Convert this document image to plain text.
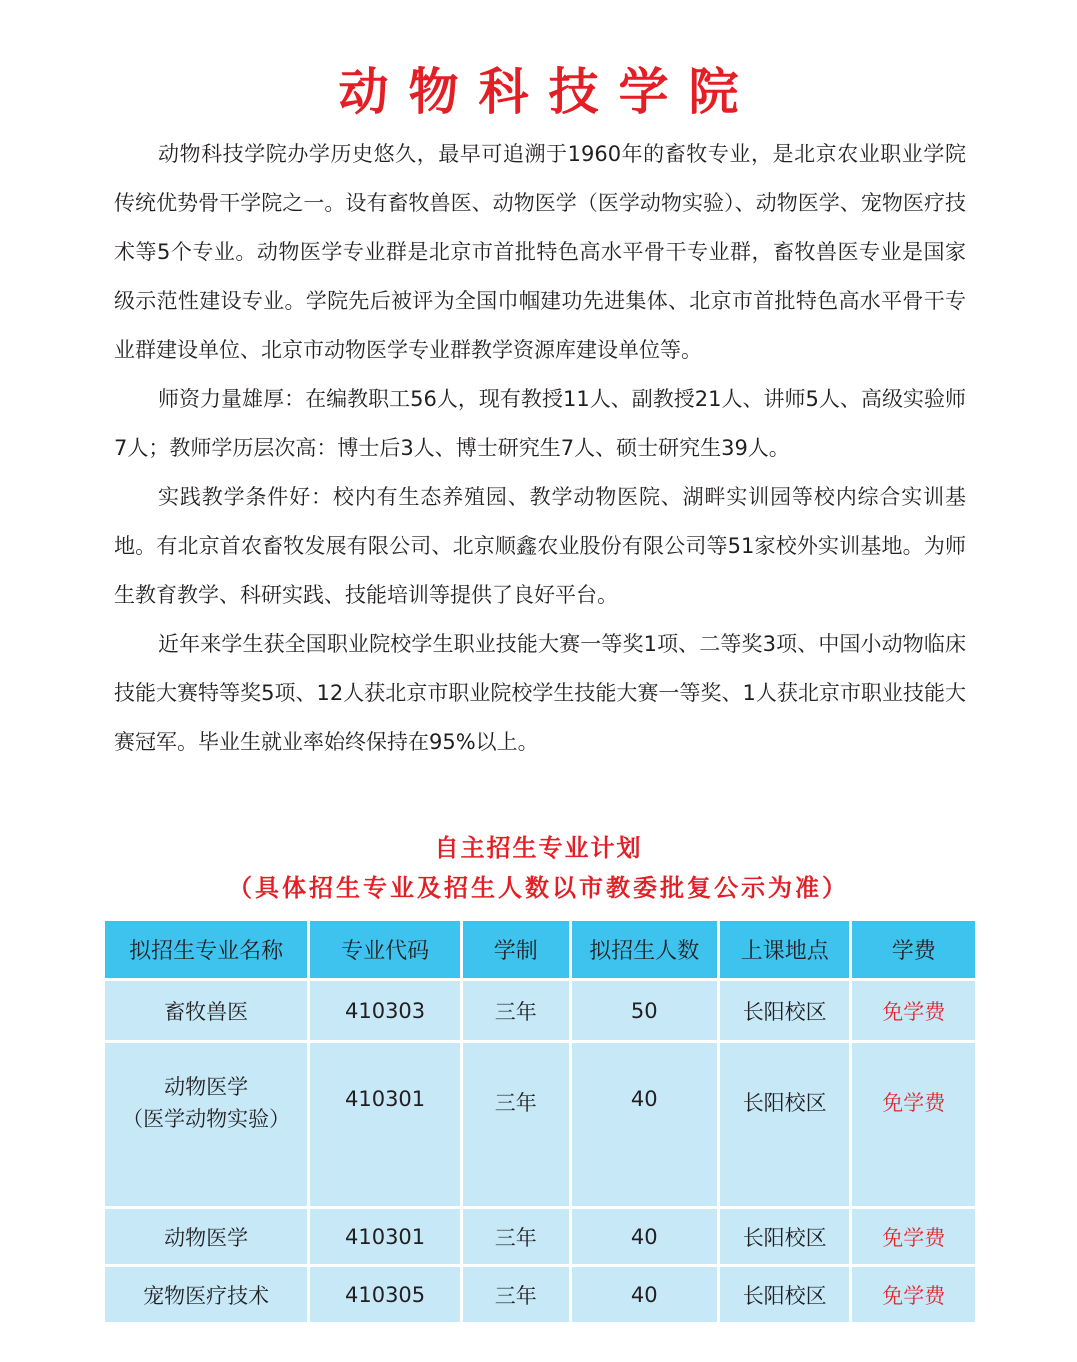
动物科技学院

动物科技学院办学历史悠久，最早可追溯于1960年的畜牧专业，是北京农业职业学院传统优势骨干学院之一。设有畜牧兽医、动物医学（医学动物实验）、动物医学、宠物医疗技术等5个专业。动物医学专业群是北京市首批特色高水平骨干专业群，畜牧兽医专业是国家级示范性建设专业。学院先后被评为全国巾帼建功先进集体、北京市首批特色高水平骨干专业群建设单位、北京市动物医学专业群教学资源库建设单位等。

师资力量雄厚：在编教职工56人，现有教授11人、副教授21人、讲师5人、高级实验师7人；教师学历层次高：博士后3人、博士研究生7人、硕士研究生39人。

实践教学条件好：校内有生态养殖园、教学动物医院、湖畔实训园等校内综合实训基地。有北京首农畜牧发展有限公司、北京顺鑫农业股份有限公司等51家校外实训基地。为师生教育教学、科研实践、技能培训等提供了良好平台。

近年来学生获全国职业院校学生职业技能大赛一等奖1项、二等奖3项、中国小动物临床技能大赛特等奖5项、12人获北京市职业院校学生技能大赛一等奖、1人获北京市职业技能大赛冠军。毕业生就业率始终保持在95%以上。

自主招生专业计划
（具体招生专业及招生人数以市教委批复公示为准）
拟招生专业名称	专业代码	学制	拟招生人数	上课地点	学费
畜牧兽医	410303	三年	50	长阳校区	免学费

动物医学
（医学动物实验）	410301	三年	40	长阳校区	免学费
动物医学	410301	三年	40	长阳校区	免学费
宠物医疗技术	410305	三年	40	长阳校区	免学费
